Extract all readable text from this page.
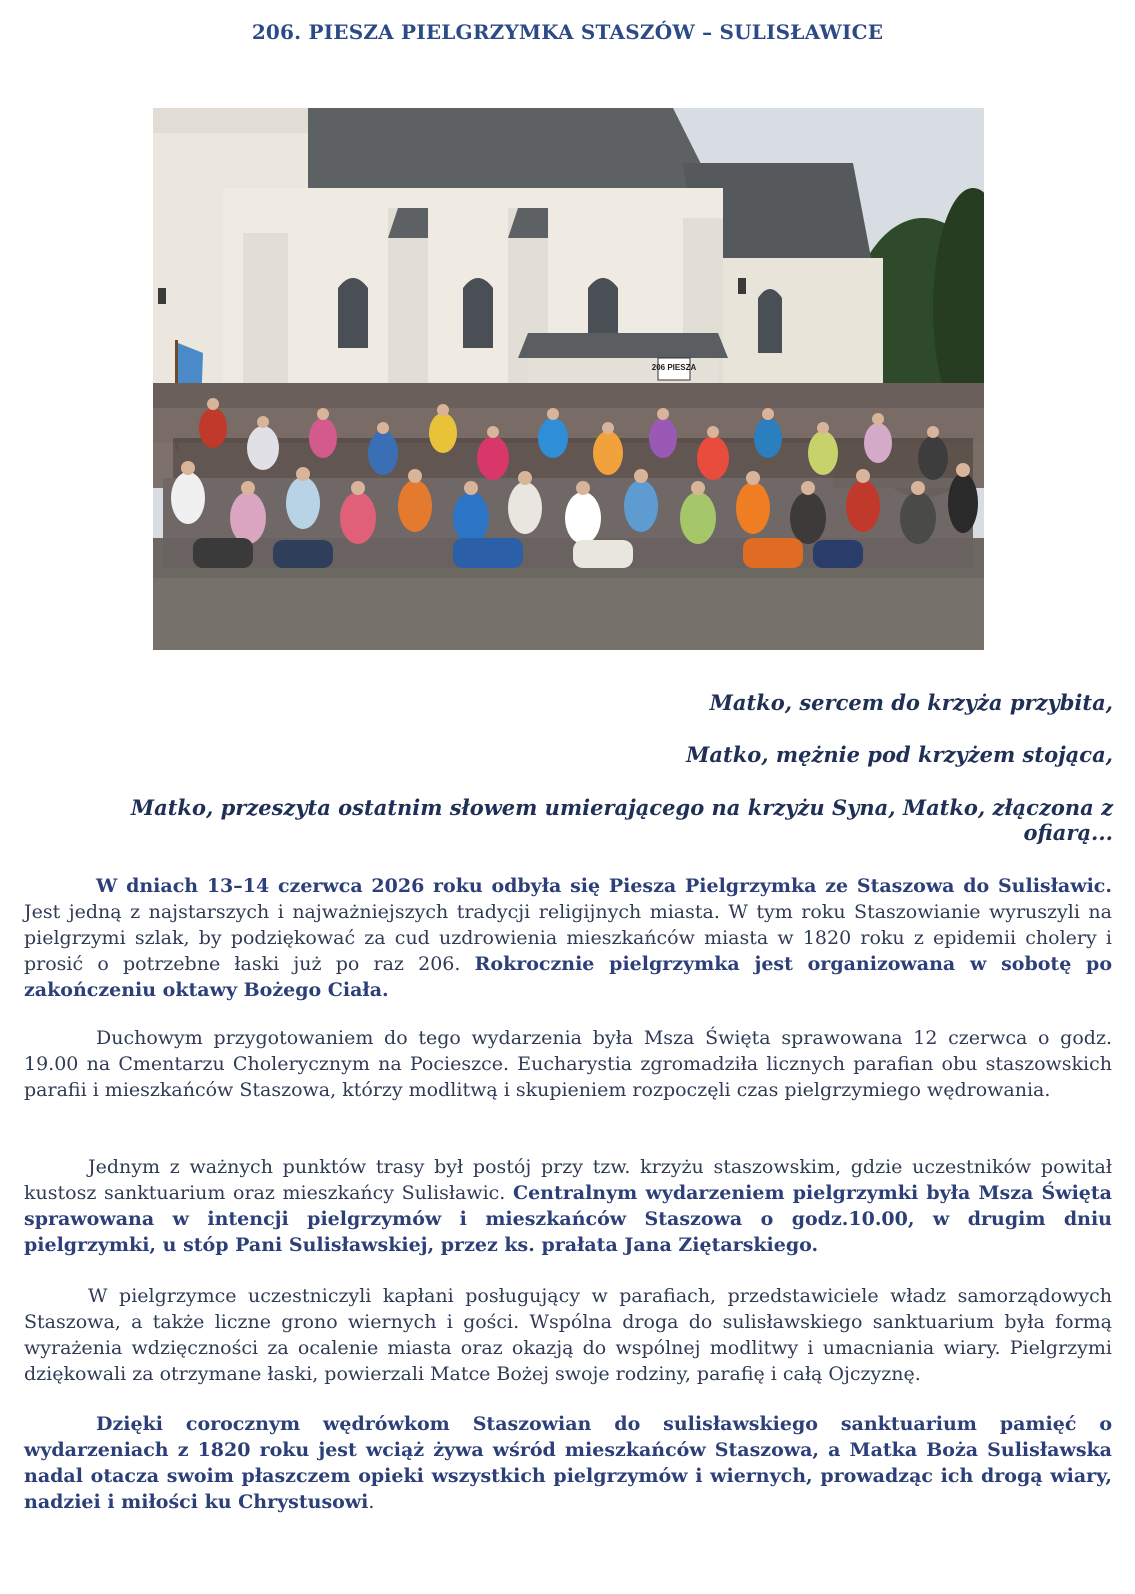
206. PIESZA PIELGRZYMKA STASZÓW – SULISŁAWICE
206 PIESZA
Matko, sercem do krzyża przybita,
Matko, mężnie pod krzyżem stojąca,
Matko, przeszyta ostatnim słowem umierającego na krzyżu Syna, Matko, złączona z ofiarą...
W dniach 13–14 czerwca 2026 roku odbyła się Piesza Pielgrzymka ze Staszowa do Sulisławic. Jest jedną z najstarszych i najważniejszych tradycji religijnych miasta. W tym roku Staszowianie wyruszyli na pielgrzymi szlak, by podziękować za cud uzdrowienia mieszkańców miasta w 1820 roku z epidemii cholery i prosić o potrzebne łaski już po raz 206. Rokrocznie pielgrzymka jest organizowana w sobotę po zakończeniu oktawy Bożego Ciała.
Duchowym przygotowaniem do tego wydarzenia była Msza Święta sprawowana 12 czerwca o godz. 19.00 na Cmentarzu Cholerycznym na Pocieszce. Eucharystia zgromadziła licznych parafian obu staszowskich parafii i mieszkańców Staszowa, którzy modlitwą i skupieniem rozpoczęli czas pielgrzymiego wędrowania.
Jednym z ważnych punktów trasy był postój przy tzw. krzyżu staszowskim, gdzie uczestników powitał kustosz sanktuarium oraz mieszkańcy Sulisławic. Centralnym wydarzeniem pielgrzymki była Msza Święta sprawowana w intencji pielgrzymów i mieszkańców Staszowa o godz.10.00, w drugim dniu pielgrzymki, u stóp Pani Sulisławskiej, przez ks. prałata Jana Ziętarskiego.
W pielgrzymce uczestniczyli kapłani posługujący w parafiach, przedstawiciele władz samorządowych Staszowa, a także liczne grono wiernych i gości. Wspólna droga do sulisławskiego sanktuarium była formą wyrażenia wdzięczności za ocalenie miasta oraz okazją do wspólnej modlitwy i umacniania wiary. Pielgrzymi dziękowali za otrzymane łaski, powierzali Matce Bożej swoje rodziny, parafię i całą Ojczyznę.
Dzięki corocznym wędrówkom Staszowian do sulisławskiego sanktuarium pamięć o wydarzeniach z 1820 roku jest wciąż żywa wśród mieszkańców Staszowa, a Matka Boża Sulisławska nadal otacza swoim płaszczem opieki wszystkich pielgrzymów i wiernych, prowadząc ich drogą wiary, nadziei i miłości ku Chrystusowi.
